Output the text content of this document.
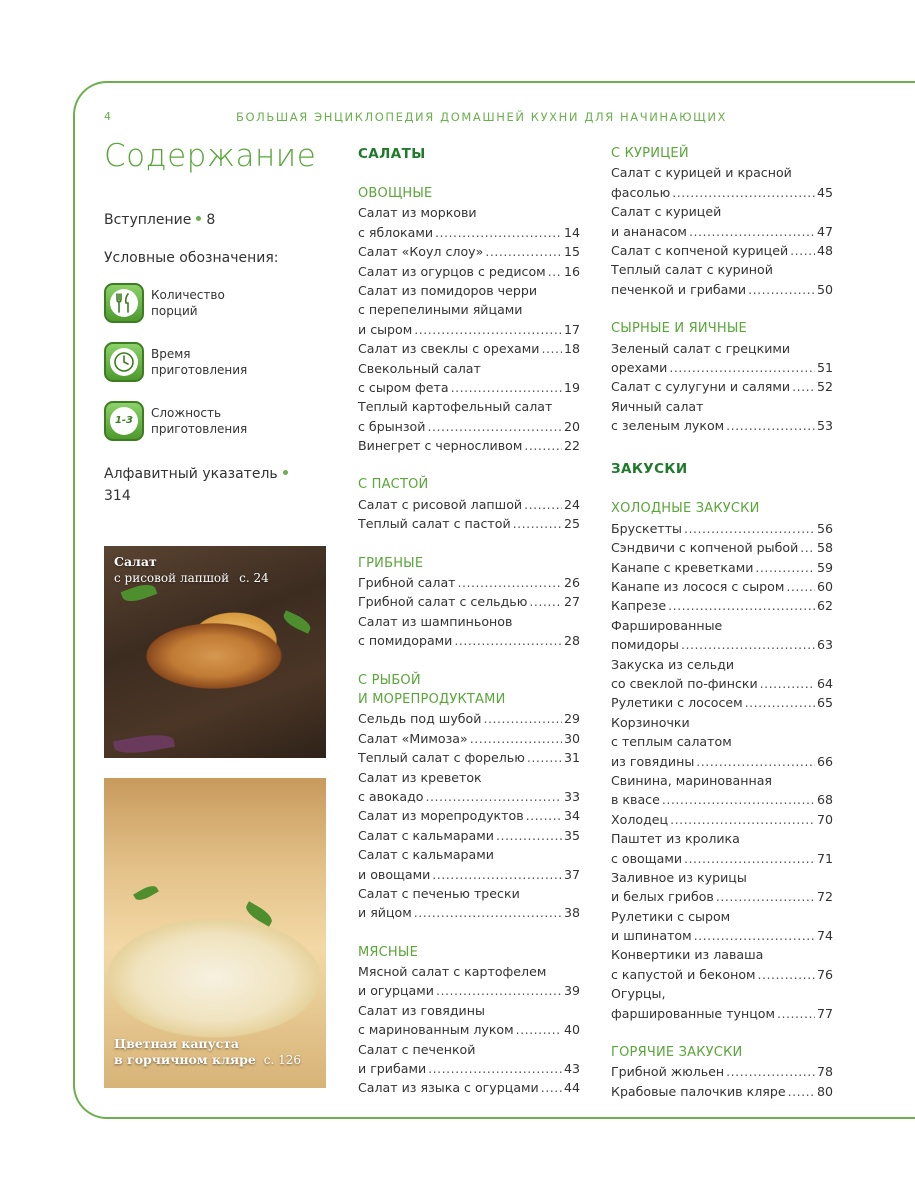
4	БОЛЬШАЯ ЭНЦИКЛОПЕДИЯ ДОМАШНЕЙ КУХНИ ДЛЯ НАЧИНАЮЩИХ
Содержание
Вступление 8
Условные обозначения:
Количество
порций
Время
приготовления
1-3
Сложность
приготовления
Алфавитный указатель
314
Салат
с рисовой лапшой с. 24
Цветная капуста
в горчичном кляре с. 126
САЛАТЫ
ОВОЩНЫЕ
Салат из моркови
с яблоками .....	14
Салат «Коул слоу» .....	15
Салат из огурцов с редисом ..... 16
Салат из помидоров черри
с перепелиными яйцами
и сыром .....	17
Салат из свеклы с орехами ..... 18
Свекольный салат
с сыром фета .....	19
Теплый картофельный салат
с брынзой .....	20
Винегрет с черносливом .....	22
С ПАСТОЙ
Салат с рисовой лапшой .....	24
Теплый салат с пастой .....	25
ГРИБНЫЕ
Грибной салат .....	26
Грибной салат с сельдью .....	27
Салат из шампиньонов
с помидорами .....	28
С РЫБОЙ
И МОРЕПРОДУКТАМИ
Сельдь под шубой .....	29
Салат «Мимоза» .....	30
Теплый салат с форелью .....	31
Салат из креветок
с авокадо .....	33
Салат из морепродуктов .....	34
Салат с кальмарами .....	35
Салат с кальмарами
и овощами .....	37
Салат с печенью трески
и яйцом .....	38
МЯСНЫЕ
Мясной салат с картофелем
и огурцами .....	39
Салат из говядины
с маринованным луком .....	40
Салат с печенкой
и грибами .....	43
Салат из языка с огурцами ..... 44
С КУРИЦЕЙ
Салат с курицей и красной
фасолью .....	45
Салат с курицей
и ананасом .....	47
Салат с копченой курицей ..... 48
Теплый салат с куриной
печенкой и грибами .....	50
СЫРНЫЕ И ЯИЧНЫЕ
Зеленый салат с грецкими
орехами .....	51
Салат с сулугуни и салями ..... 52
Яичный салат
с зеленым луком .....	53
ЗАКУСКИ
ХОЛОДНЫЕ ЗАКУСКИ
Брускетты .....	56
Сэндвичи с копченой рыбой ..... 58
Канапе с креветками .....	59
Канапе из лосося с сыром .....	60
Капрезе .....	62
Фаршированные
помидоры .....	63
Закуска из сельди
со свеклой по-фински .....	64
Рулетики с лососем .....	65
Корзиночки
с теплым салатом
из говядины .....	66
Свинина, маринованная
в квасе .....	68
Холодец .....	70
Паштет из кролика
с овощами .....	71
Заливное из курицы
и белых грибов .....	72
Рулетики с сыром
и шпинатом .....	74
Конвертики из лаваша
с капустой и беконом .....	76
Огурцы,
фаршированные тунцом .....	77
ГОРЯЧИЕ ЗАКУСКИ
Грибной жюльен .....	78
Крабовые палочкив кляре ..... 80
